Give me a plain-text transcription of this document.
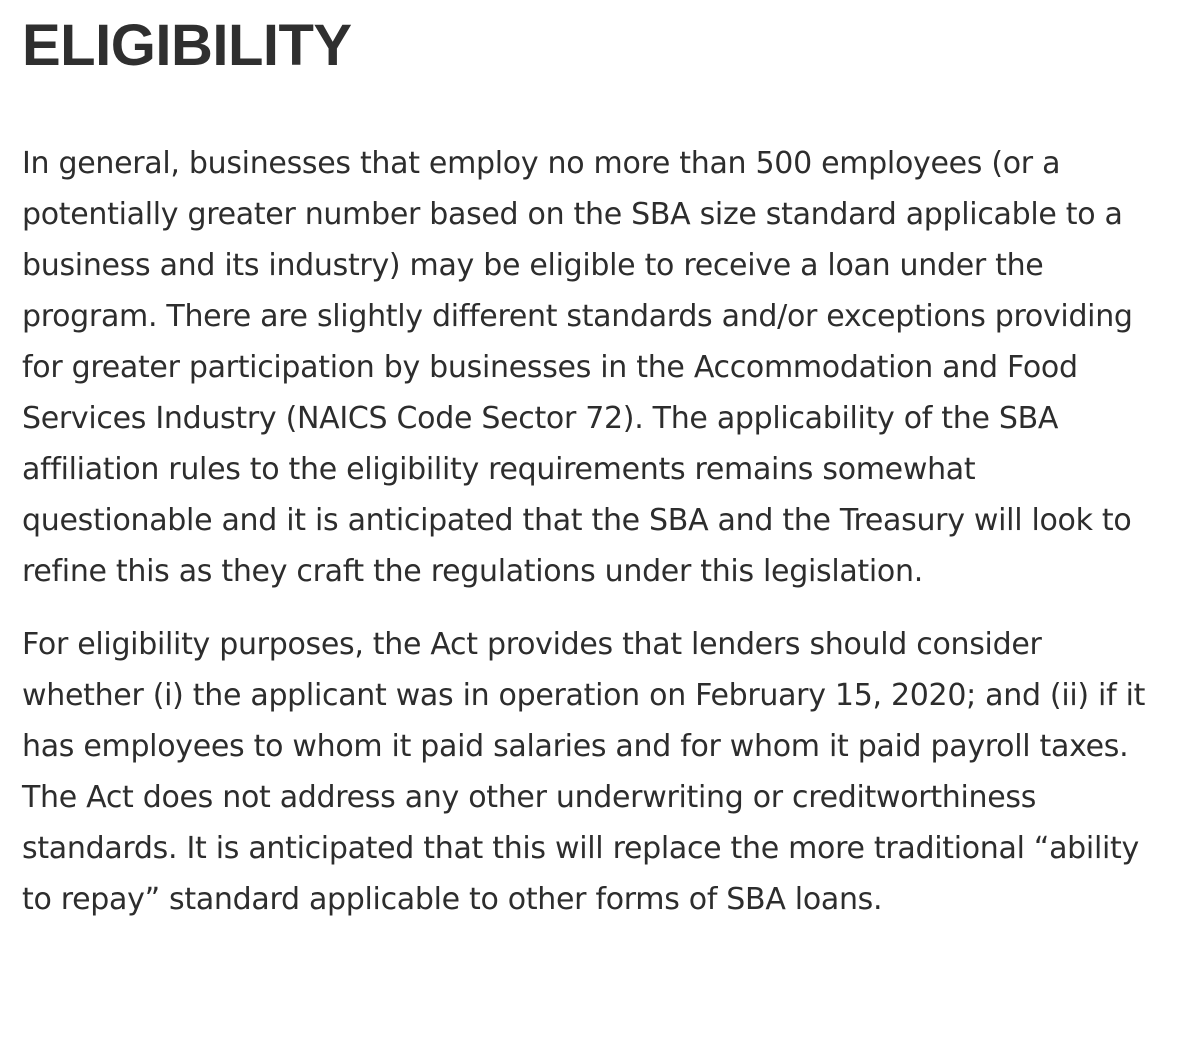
ELIGIBILITY

In general, businesses that employ no more than 500 employees (or a potentially greater number based on the SBA size standard applicable to a business and its industry) may be eligible to receive a loan under the program. There are slightly different standards and/or exceptions providing for greater participation by businesses in the Accommodation and Food Services Industry (NAICS Code Sector 72). The applicability of the SBA affiliation rules to the eligibility requirements remains somewhat questionable and it is anticipated that the SBA and the Treasury will look to refine this as they craft the regulations under this legislation.

For eligibility purposes, the Act provides that lenders should consider whether (i) the applicant was in operation on February 15, 2020; and (ii) if it has employees to whom it paid salaries and for whom it paid payroll taxes. The Act does not address any other underwriting or creditworthiness standards. It is anticipated that this will replace the more traditional “ability to repay” standard applicable to other forms of SBA loans.
